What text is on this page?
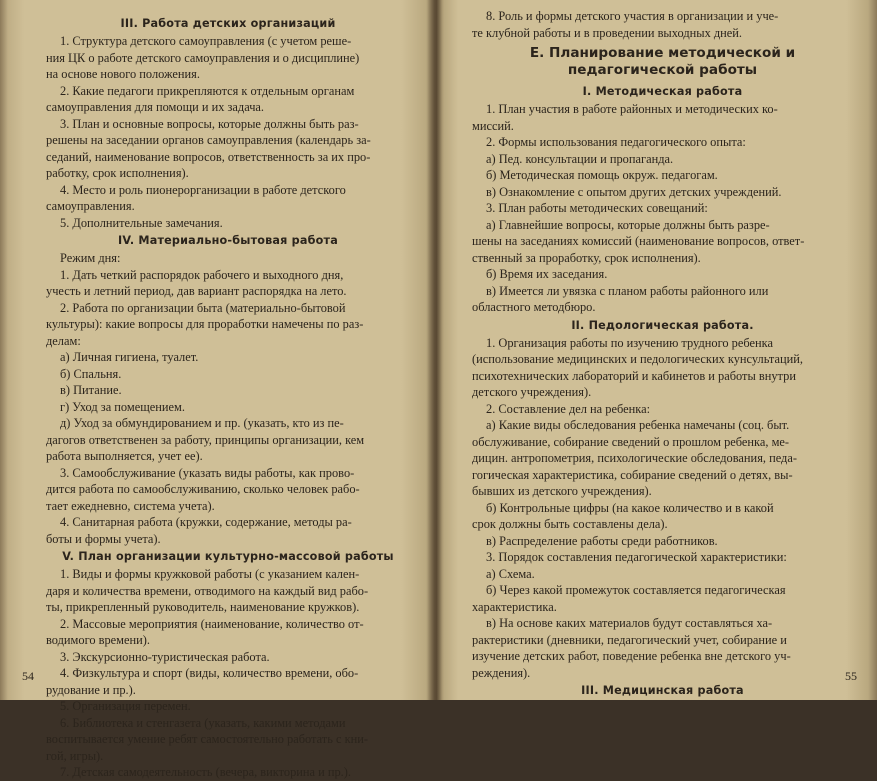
III. Работа детских организаций
1. Структура детского самоуправления (с учетом реше-
ния ЦК о работе детского самоуправления и о дисциплине)
на основе нового положения.
2. Какие педагоги прикрепляются к отдельным органам
самоуправления для помощи и их задача.
3. План и основные вопросы, которые должны быть раз-
решены на заседании органов самоуправления (календарь за-
седаний, наименование вопросов, ответственность за их про-
работку, срок исполнения).
4. Место и роль пионерорганизации в работе детского
самоуправления.
5. Дополнительные замечания.
IV. Материально-бытовая работа
Режим дня:
1. Дать четкий распорядок рабочего и выходного дня,
учесть и летний период, дав вариант распорядка на лето.
2. Работа по организации быта (материально-бытовой
культуры): какие вопросы для проработки намечены по раз-
делам:
а) Личная гигиена, туалет.
б) Спальня.
в) Питание.
г) Уход за помещением.
д) Уход за обмундированием и пр. (указать, кто из пе-
дагогов ответственен за работу, принципы организации, кем
работа выполняется, учет ее).
3. Самообслуживание (указать виды работы, как прово-
дится работа по самообслуживанию, сколько человек рабо-
тает ежедневно, система учета).
4. Санитарная работа (кружки, содержание, методы ра-
боты и формы учета).
V. План организации культурно-массовой работы
1. Виды и формы кружковой работы (с указанием кален-
даря и количества времени, отводимого на каждый вид рабо-
ты, прикрепленный руководитель, наименование кружков).
2. Массовые мероприятия (наименование, количество от-
водимого времени).
3. Экскурсионно-туристическая работа.
4. Физкультура и спорт (виды, количество времени, обо-
рудование и пр.).
5. Организация перемен.
6. Библиотека и стенгазета (указать, какими методами
воспитывается умение ребят самостоятельно работать с кни-
гой, игры).
7. Детская самодеятельность (вечера, викторина и пр.).
54
8. Роль и формы детского участия в организации и уче-
те клубной работы и в проведении выходных дней.
Е. Планирование методической и педагогической работы
I. Методическая работа
1. План участия в работе районных и методических ко-
миссий.
2. Формы использования педагогического опыта:
а) Пед. консультации и пропаганда.
б) Методическая помощь окруж. педагогам.
в) Ознакомление с опытом других детских учреждений.
3. План работы методических совещаний:
а) Главнейшие вопросы, которые должны быть разре-
шены на заседаниях комиссий (наименование вопросов, ответ-
ственный за проработку, срок исполнения).
б) Время их заседания.
в) Имеется ли увязка с планом работы районного или
областного методбюро.
II. Педологическая работа.
1. Организация работы по изучению трудного ребенка
(использование медицинских и педологических кунсультаций,
психотехнических лабораторий и кабинетов и работы внутри
детского учреждения).
2. Составление дел на ребенка:
а) Какие виды обследования ребенка намечаны (соц. быт.
обслуживание, собирание сведений о прошлом ребенка, ме-
дицин. антропометрия, психологические обследования, педа-
гогическая характеристика, собирание сведений о детях, вы-
бывших из детского учреждения).
б) Контрольные цифры (на какое количество и в какой
срок должны быть составлены дела).
в) Распределение работы среди работников.
3. Порядок составления педагогической характеристики:
а) Схема.
б) Через какой промежуток составляется педагогическая
характеристика.
в) На основе каких материалов будут составляться ха-
рактеристики (дневники, педагогический учет, собирание и
изучение детских работ, поведение ребенка вне детского уч-
реждения).
III. Медицинская работа
55
